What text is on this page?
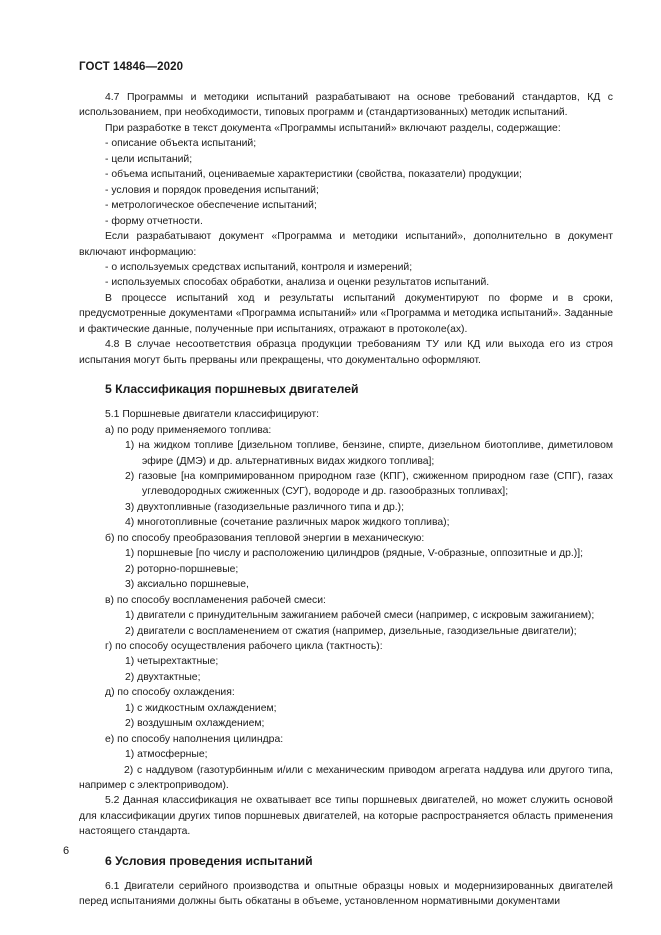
ГОСТ 14846—2020

4.7 Программы и методики испытаний разрабатывают на основе требований стандартов, КД с использованием, при необходимости, типовых программ и (стандартизованных) методик испытаний.

При разработке в текст документа «Программы испытаний» включают разделы, содержащие:

- описание объекта испытаний;

- цели испытаний;

- объема испытаний, оцениваемые характеристики (свойства, показатели) продукции;

- условия и порядок проведения испытаний;

- метрологическое обеспечение испытаний;

- форму отчетности.

Если разрабатывают документ «Программа и методики испытаний», дополнительно в документ включают информацию:

- о используемых средствах испытаний, контроля и измерений;

- используемых способах обработки, анализа и оценки результатов испытаний.

В процессе испытаний ход и результаты испытаний документируют по форме и в сроки, предусмотренные документами «Программа испытаний» или «Программа и методика испытаний». Заданные и фактические данные, полученные при испытаниях, отражают в протоколе(ах).

4.8 В случае несоответствия образца продукции требованиям ТУ или КД или выхода его из строя испытания могут быть прерваны или прекращены, что документально оформляют.

5 Классификация поршневых двигателей

5.1 Поршневые двигатели классифицируют:

а) по роду применяемого топлива:

1) на жидком топливе [дизельном топливе, бензине, спирте, дизельном биотопливе, диметиловом эфире (ДМЭ) и др. альтернативных видах жидкого топлива];

2) газовые [на компримированном природном газе (КПГ), сжиженном природном газе (СПГ), газах углеводородных сжиженных (СУГ), водороде и др. газообразных топливах];

3) двухтопливные (газодизельные различного типа и др.);

4) многотопливные (сочетание различных марок жидкого топлива);

б) по способу преобразования тепловой энергии в механическую:

1) поршневые [по числу и расположению цилиндров (рядные, V-образные, оппозитные и др.)];

2) роторно-поршневые;

3) аксиально поршневые,

в) по способу воспламенения рабочей смеси:

1) двигатели с принудительным зажиганием рабочей смеси (например, с искровым зажиганием);

2) двигатели с воспламенением от сжатия (например, дизельные, газодизельные двигатели);

г) по способу осуществления рабочего цикла (тактность):

1) четырехтактные;

2) двухтактные;

д) по способу охлаждения:

1) с жидкостным охлаждением;

2) воздушным охлаждением;

е) по способу наполнения цилиндра:

1) атмосферные;

2) с наддувом (газотурбинным и/или с механическим приводом агрегата наддува или другого типа, например с электроприводом).

5.2 Данная классификация не охватывает все типы поршневых двигателей, но может служить основой для классификации других типов поршневых двигателей, на которые распространяется область применения настоящего стандарта.

6 Условия проведения испытаний

6.1 Двигатели серийного производства и опытные образцы новых и модернизированных двигателей перед испытаниями должны быть обкатаны в объеме, установленном нормативными документами

6
